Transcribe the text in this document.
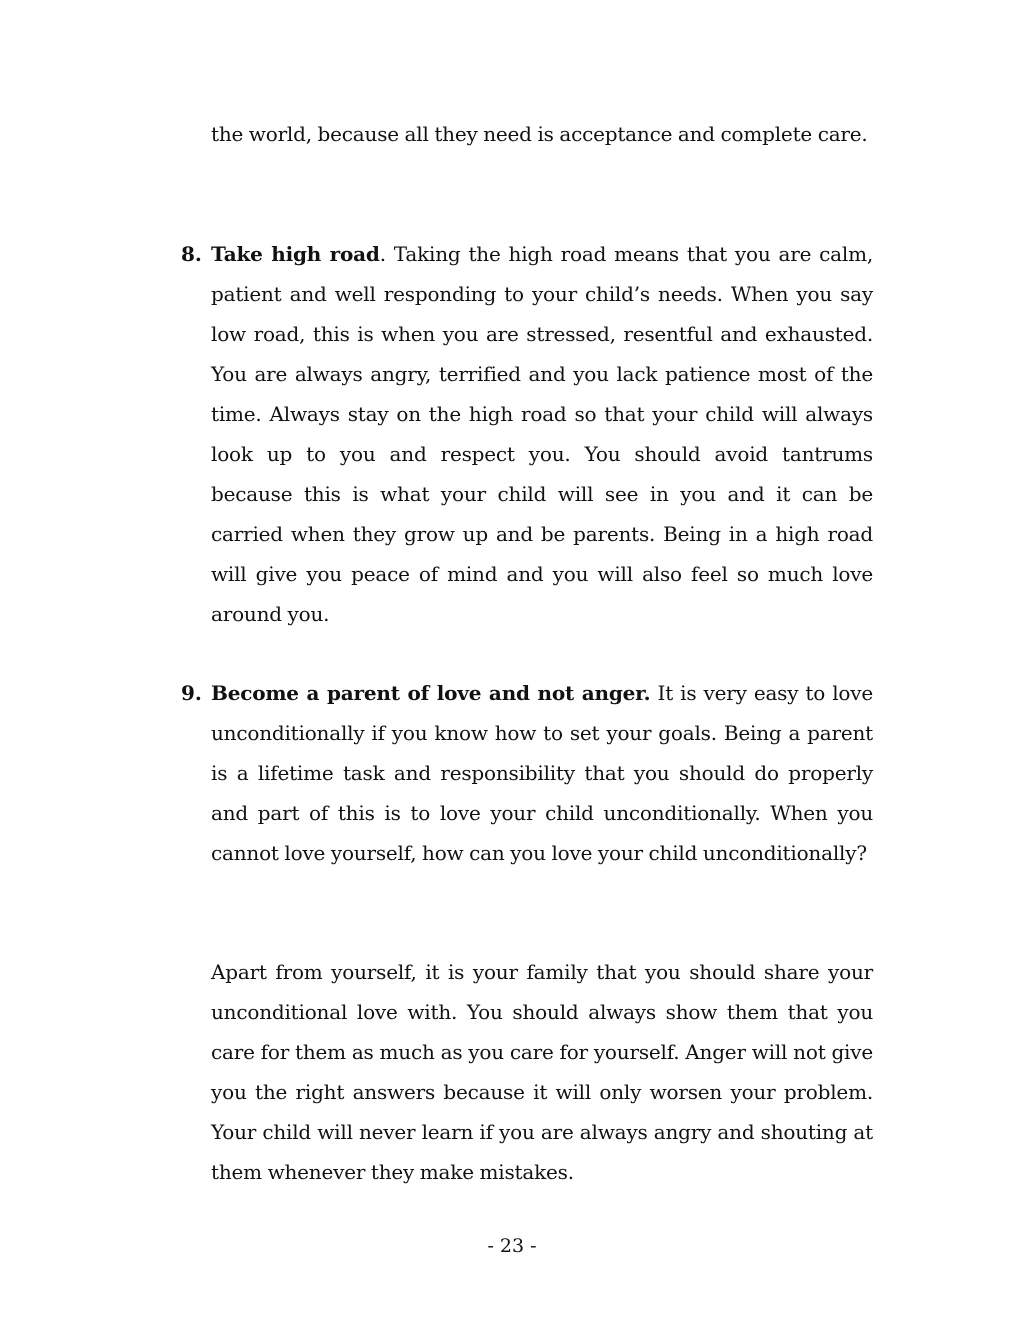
the world, because all they need is acceptance and complete care.

8. Take high road. Taking the high road means that you are calm, patient and well responding to your child’s needs. When you say low road, this is when you are stressed, resentful and exhausted. You are always angry, terrified and you lack patience most of the time. Always stay on the high road so that your child will always look up to you and respect you. You should avoid tantrums because this is what your child will see in you and it can be carried when they grow up and be parents. Being in a high road will give you peace of mind and you will also feel so much love around you.

9. Become a parent of love and not anger. It is very easy to love unconditionally if you know how to set your goals. Being a parent is a lifetime task and responsibility that you should do properly and part of this is to love your child unconditionally. When you cannot love yourself, how can you love your child unconditionally?

Apart from yourself, it is your family that you should share your unconditional love with. You should always show them that you care for them as much as you care for yourself. Anger will not give you the right answers because it will only worsen your problem. Your child will never learn if you are always angry and shouting at them whenever they make mistakes.

- 23 -
